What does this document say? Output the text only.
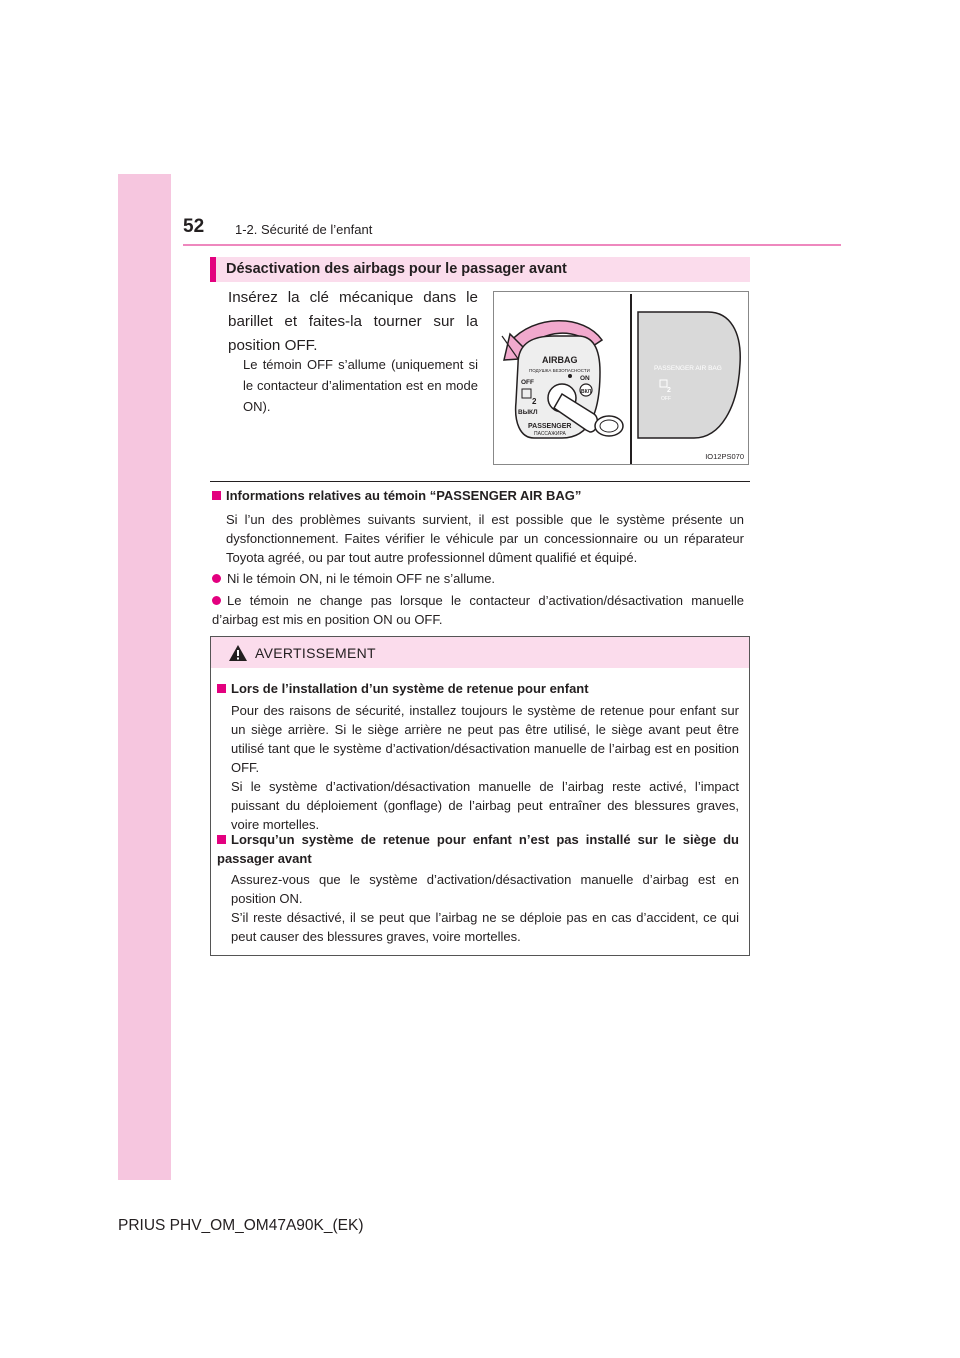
52 1-2. Sécurité de l’enfant
Désactivation des airbags pour le passager avant
Insérez la clé mécanique dans le barillet et faites-la tourner sur la position OFF.
Le témoin OFF s’allume (uniquement si le contacteur d’alimentation est en mode ON).
AIRBAG
ПОДУШКА БЕЗОПАСНОСТИ
OFF
ВЫКЛ
ON
ВКЛ
2
PASSENGER
ПАССАЖИРА
PASSENGER AIR BAG
2
OFF
IO12PS070
Informations relatives au témoin “PASSENGER AIR BAG”
Si l’un des problèmes suivants survient, il est possible que le système présente un dysfonctionnement. Faites vérifier le véhicule par un concessionnaire ou un réparateur Toyota agréé, ou par tout autre professionnel dûment qualifié et équipé.
Ni le témoin ON, ni le témoin OFF ne s’allume.
Le témoin ne change pas lorsque le contacteur d’activation/désactivation manuelle d’airbag est mis en position ON ou OFF.
AVERTISSEMENT
Lors de l’installation d’un système de retenue pour enfant
Pour des raisons de sécurité, installez toujours le système de retenue pour enfant sur un siège arrière. Si le siège arrière ne peut pas être utilisé, le siège avant peut être utilisé tant que le système d’activation/désactivation manuelle de l’airbag est en position OFF.
Si le système d’activation/désactivation manuelle de l’airbag reste activé, l’impact puissant du déploiement (gonflage) de l’airbag peut entraîner des blessures graves, voire mortelles.
Lorsqu’un système de retenue pour enfant n’est pas installé sur le siège du passager avant
Assurez-vous que le système d’activation/désactivation manuelle d’airbag est en position ON.
S’il reste désactivé, il se peut que l’airbag ne se déploie pas en cas d’accident, ce qui peut causer des blessures graves, voire mortelles.
PRIUS PHV_OM_OM47A90K_(EK)
